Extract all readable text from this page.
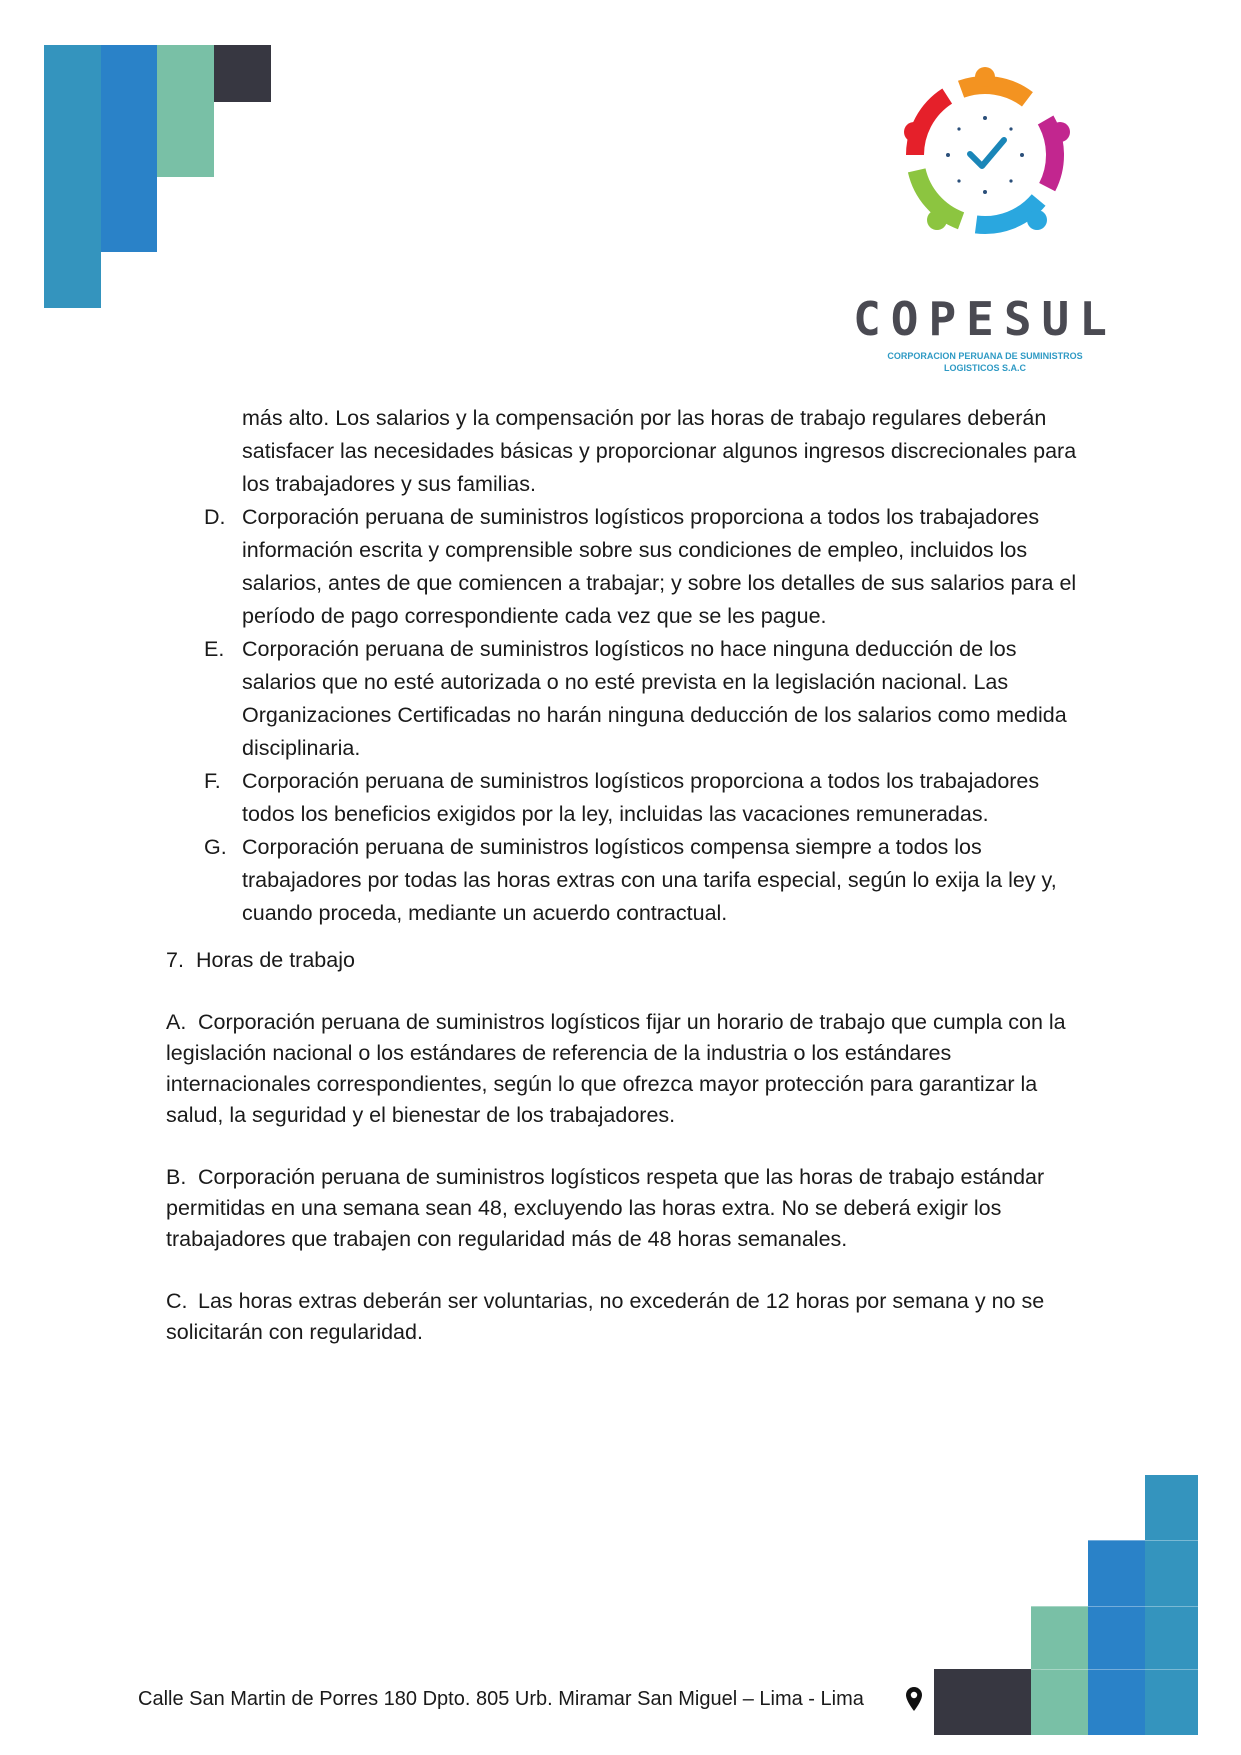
COPESUL
CORPORACION PERUANA DE SUMINISTROS
LOGISTICOS S.A.C
más alto. Los salarios y la compensación por las horas de trabajo regulares deberán satisfacer las necesidades básicas y proporcionar algunos ingresos discrecionales para los trabajadores y sus familias.
D. Corporación peruana de suministros logísticos proporciona a todos los trabajadores información escrita y comprensible sobre sus condiciones de empleo, incluidos los salarios, antes de que comiencen a trabajar; y sobre los detalles de sus salarios para el período de pago correspondiente cada vez que se les pague.
E. Corporación peruana de suministros logísticos no hace ninguna deducción de los salarios que no esté autorizada o no esté prevista en la legislación nacional. Las Organizaciones Certificadas no harán ninguna deducción de los salarios como medida disciplinaria.
F. Corporación peruana de suministros logísticos proporciona a todos los trabajadores todos los beneficios exigidos por la ley, incluidas las vacaciones remuneradas.
G. Corporación peruana de suministros logísticos compensa siempre a todos los trabajadores por todas las horas extras con una tarifa especial, según lo exija la ley y, cuando proceda, mediante un acuerdo contractual.
7. Horas de trabajo

A. Corporación peruana de suministros logísticos fijar un horario de trabajo que cumpla con la legislación nacional o los estándares de referencia de la industria o los estándares internacionales correspondientes, según lo que ofrezca mayor protección para garantizar la salud, la seguridad y el bienestar de los trabajadores.

B. Corporación peruana de suministros logísticos respeta que las horas de trabajo estándar permitidas en una semana sean 48, excluyendo las horas extra. No se deberá exigir los trabajadores que trabajen con regularidad más de 48 horas semanales.

C. Las horas extras deberán ser voluntarias, no excederán de 12 horas por semana y no se solicitarán con regularidad.

Calle San Martin de Porres 180 Dpto. 805 Urb. Miramar San Miguel – Lima - Lima
